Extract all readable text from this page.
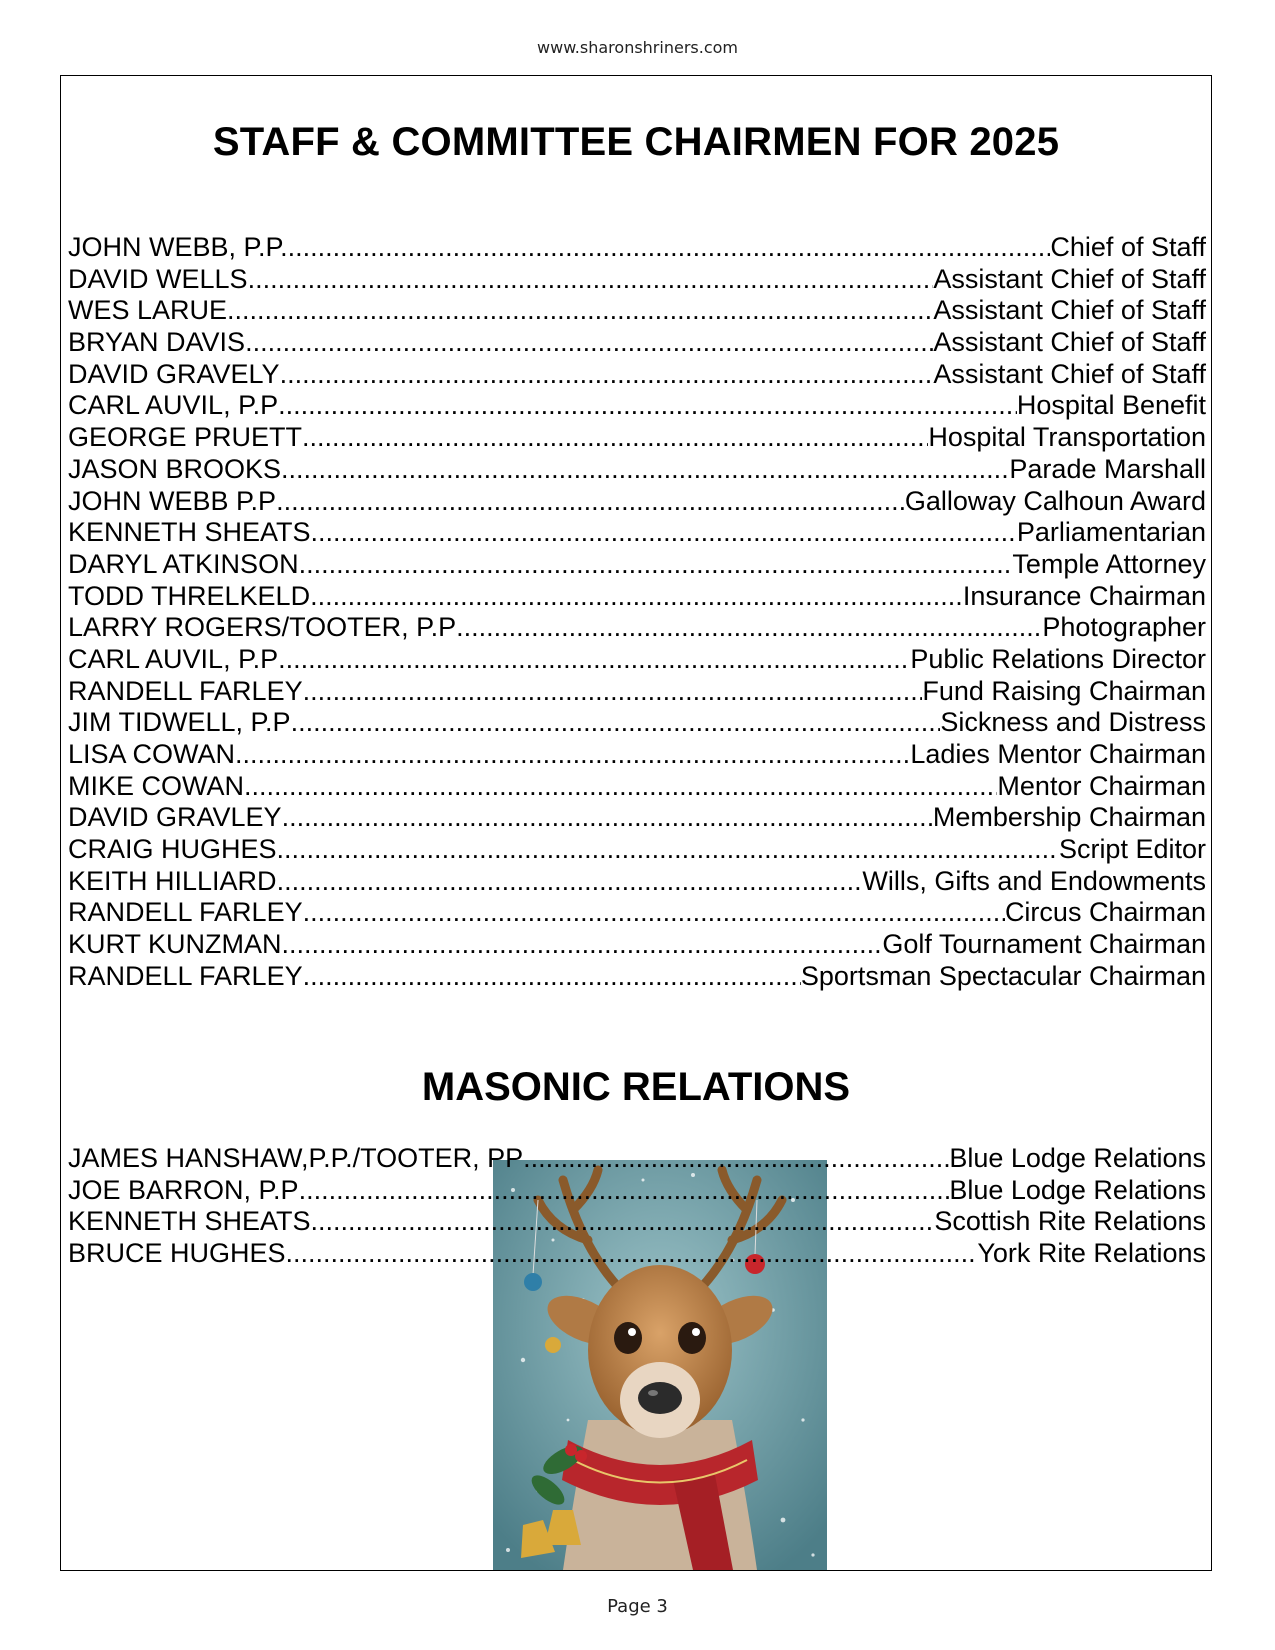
www.sharonshriners.com
STAFF & COMMITTEE CHAIRMEN FOR 2025
JOHN WEBB, P.P. .....	Chief of Staff
DAVID WELLS .....	Assistant Chief of Staff
WES LARUE .....	Assistant Chief of Staff
BRYAN DAVIS .....	Assistant Chief of Staff
DAVID GRAVELY .....	Assistant Chief of Staff
CARL AUVIL, P.P .....	Hospital Benefit
GEORGE PRUETT .....	Hospital Transportation
JASON BROOKS .....	Parade Marshall
JOHN WEBB P.P .....	Galloway Calhoun Award
KENNETH SHEATS .....	Parliamentarian
DARYL ATKINSON .....	Temple Attorney
TODD THRELKELD .....	Insurance Chairman
LARRY ROGERS/TOOTER, P.P .....	Photographer
CARL AUVIL, P.P .....	Public Relations Director
RANDELL FARLEY .....	Fund Raising Chairman
JIM TIDWELL, P.P .....	Sickness and Distress
LISA COWAN .....	Ladies Mentor Chairman
MIKE COWAN .....	Mentor Chairman
DAVID GRAVLEY .....	Membership Chairman
CRAIG HUGHES .....	Script Editor
KEITH HILLIARD .....	Wills, Gifts and Endowments
RANDELL FARLEY .....	Circus Chairman
KURT KUNZMAN .....	Golf Tournament Chairman
RANDELL FARLEY .....	Sportsman Spectacular Chairman
MASONIC RELATIONS
JAMES HANSHAW,P.P./TOOTER, PP .....	Blue Lodge Relations
JOE BARRON, P.P .....	Blue Lodge Relations
KENNETH SHEATS .....	Scottish Rite Relations
BRUCE HUGHES .....	York Rite Relations
Page 3
